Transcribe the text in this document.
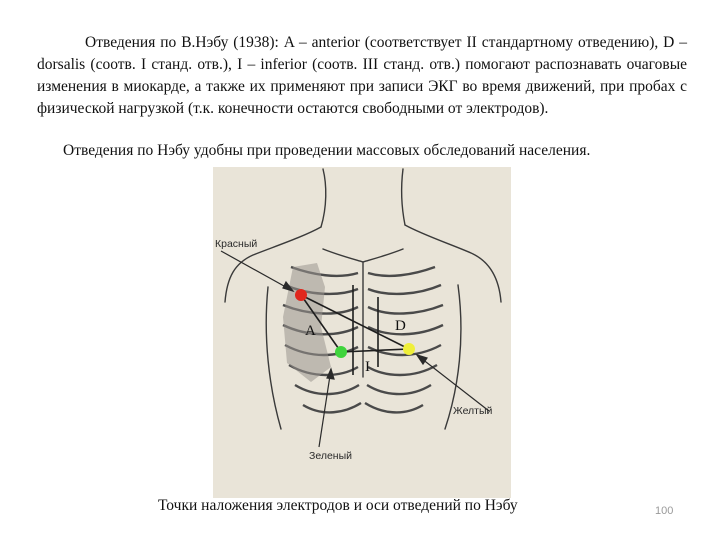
Отведения по В.Нэбу (1938): A – anterior (соответствует II стандартному отведению), D – dorsalis (соотв. I станд. отв.), I – inferior (соотв. III станд. отв.) помогают распознавать очаговые изменения в миокарде, а также их применяют при записи ЭКГ во время движений, при пробах с физической нагрузкой (т.к. конечности остаются свободными от электродов).

Отведения по Нэбу удобны при проведении массовых обследований населения.

Красный
Желтый
Зеленый
A	D
I
Точки наложения электродов и оси отведений по Нэбу	100
